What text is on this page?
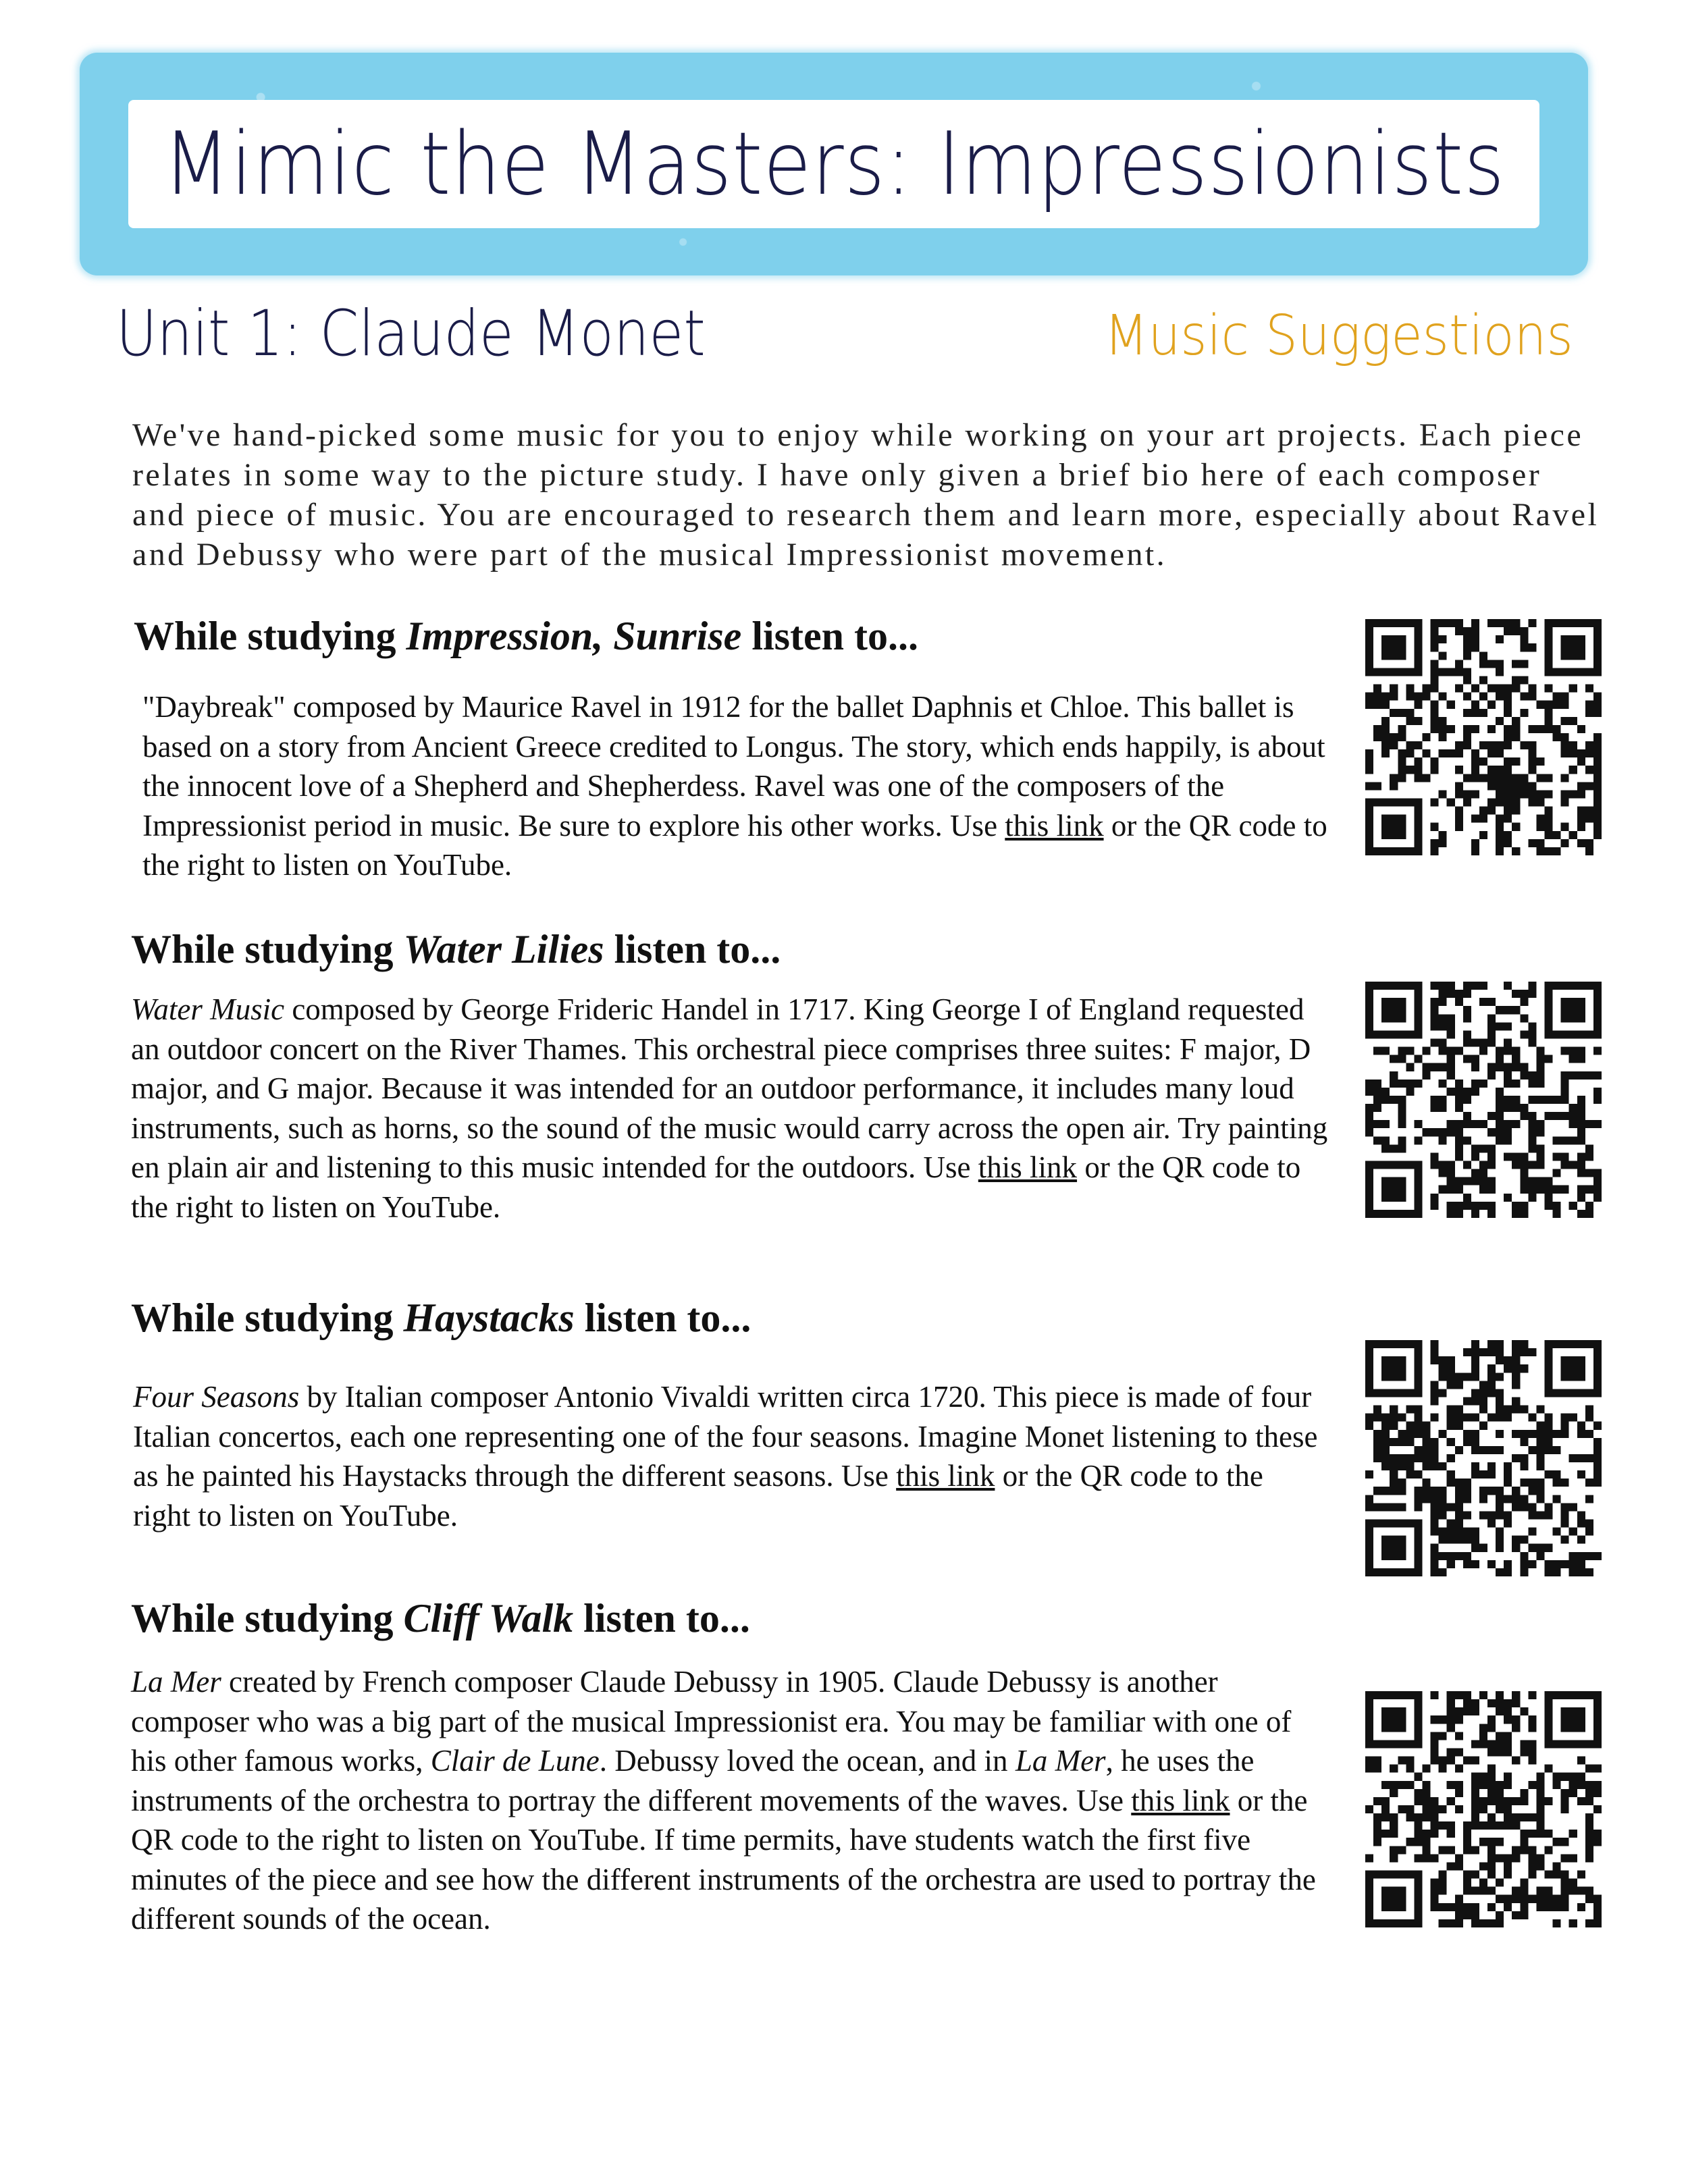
Mimic the Masters: Impressionists
Unit 1: Claude Monet	Music Suggestions
We've hand-picked some music for you to enjoy while working on your art projects. Each piece relates in some way to the picture study. I have only given a brief bio here of each composer and piece of music. You are encouraged to research them and learn more, especially about Ravel and Debussy who were part of the musical Impressionist movement.
While studying Impression, Sunrise listen to...
"Daybreak" composed by Maurice Ravel in 1912 for the ballet Daphnis et Chloe. This ballet is based on a story from Ancient Greece credited to Longus. The story, which ends happily, is about the innocent love of a Shepherd and Shepherdess. Ravel was one of the composers of the Impressionist period in music. Be sure to explore his other works. Use this link or the QR code to the right to listen on YouTube.
While studying Water Lilies listen to...
Water Music composed by George Frideric Handel in 1717. King George I of England requested an outdoor concert on the River Thames. This orchestral piece comprises three suites: F major, D major, and G major. Because it was intended for an outdoor performance, it includes many loud instruments, such as horns, so the sound of the music would carry across the open air. Try painting en plain air and listening to this music intended for the outdoors. Use this link or the QR code to the right to listen on YouTube.
While studying Haystacks listen to...
Four Seasons by Italian composer Antonio Vivaldi written circa 1720. This piece is made of four Italian concertos, each one representing one of the four seasons. Imagine Monet listening to these as he painted his Haystacks through the different seasons. Use this link or the QR code to the right to listen on YouTube.
While studying Cliff Walk listen to...
La Mer created by French composer Claude Debussy in 1905. Claude Debussy is another composer who was a big part of the musical Impressionist era. You may be familiar with one of his other famous works, Clair de Lune. Debussy loved the ocean, and in La Mer, he uses the instruments of the orchestra to portray the different movements of the waves. Use this link or the QR code to the right to listen on YouTube. If time permits, have students watch the first five minutes of the piece and see how the different instruments of the orchestra are used to portray the different sounds of the ocean.
